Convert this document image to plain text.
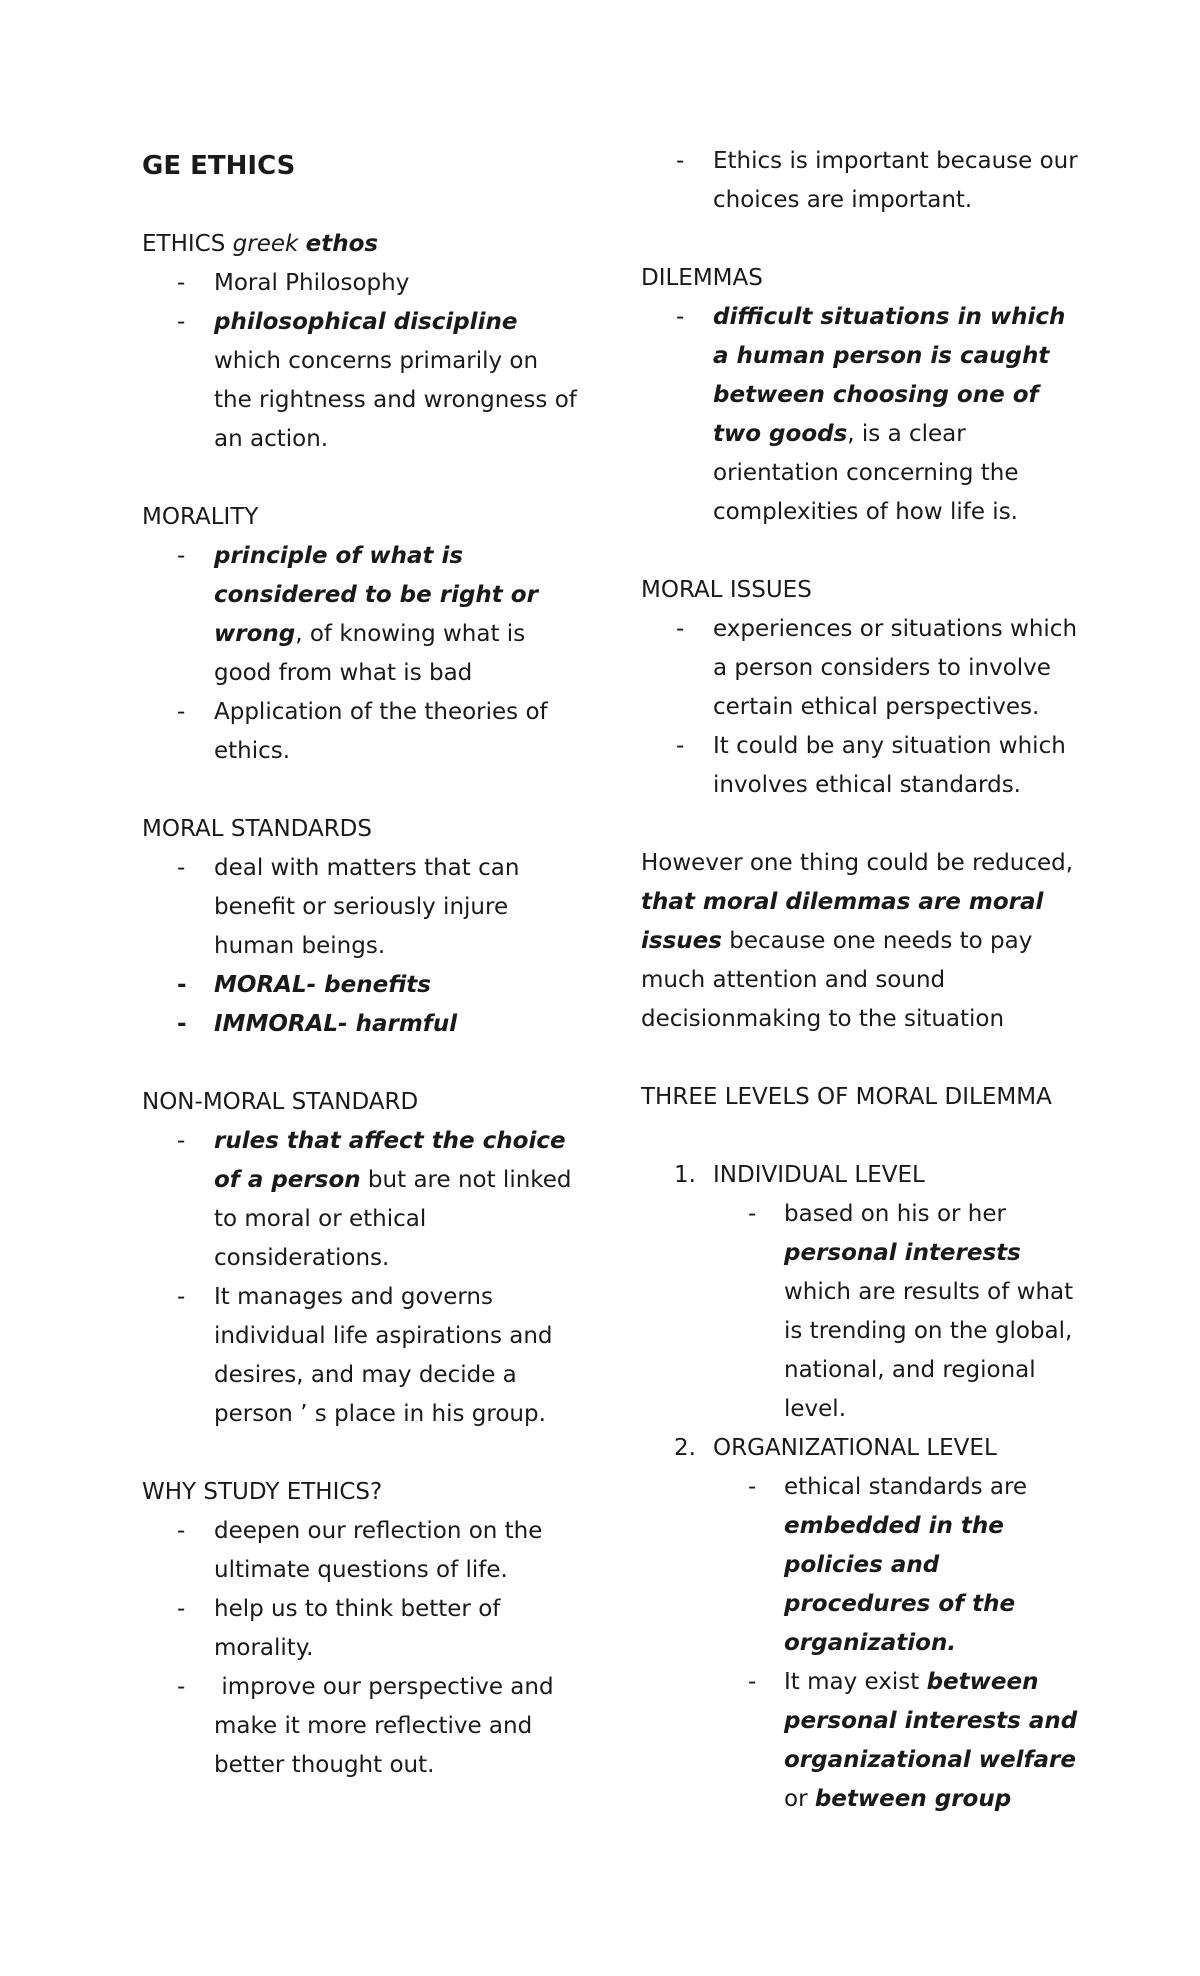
GE ETHICS
ETHICS greek ethos
- Moral Philosophy
- philosophical discipline which concerns primarily on the rightness and wrongness of an action.
MORALITY
- principle of what is considered to be right or wrong, of knowing what is good from what is bad
- Application of the theories of ethics.
MORAL STANDARDS
- deal with matters that can benefit or seriously injure human beings.
- MORAL- benefits
- IMMORAL- harmful
NON-MORAL STANDARD
- rules that affect the choice of a person but are not linked to moral or ethical considerations.
- It manages and governs individual life aspirations and desires, and may decide a person ’ s place in his group.
WHY STUDY ETHICS?
- deepen our reflection on the ultimate questions of life.
- help us to think better of morality.
-  improve our perspective and make it more reflective and better thought out.
- Ethics is important because our choices are important.
DILEMMAS
- difficult situations in which a human person is caught between choosing one of two goods, is a clear orientation concerning the complexities of how life is.
MORAL ISSUES
- experiences or situations which a person considers to involve certain ethical perspectives.
- It could be any situation which involves ethical standards.

However one thing could be reduced, that moral dilemmas are moral issues because one needs to pay much attention and sound decisionmaking to the situation

THREE LEVELS OF MORAL DILEMMA
1. INDIVIDUAL LEVEL
- based on his or her personal interests which are results of what is trending on the global, national, and regional level.
2. ORGANIZATIONAL LEVEL
- ethical standards are embedded in the policies and procedures of the organization.
- It may exist between personal interests and organizational welfare or between group
